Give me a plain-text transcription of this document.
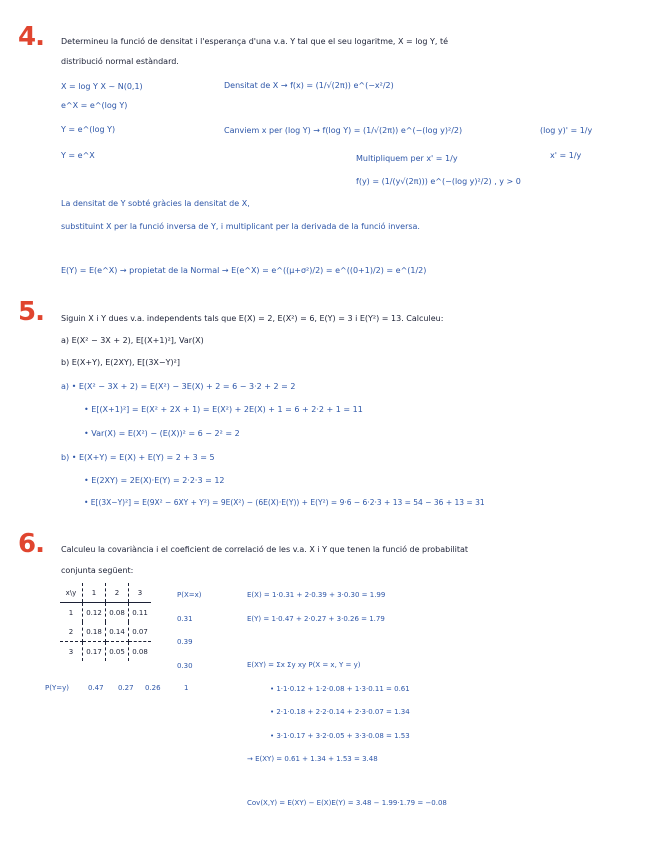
4. Determineu la funció de densitat i l'esperança d'una v.a. Y tal que el seu logaritme, X = log Y, té
distribució normal estàndard.
X = log Y X ~ N(0,1)
e^X = e^(log Y)
Y = e^(log Y)
Y = e^X
Densitat de X → f(x) = (1/√(2π)) e^(−x²/2)
Canviem x per (log Y) → f(log Y) = (1/√(2π)) e^(−(log y)²/2)	(log y)' = 1/y
Multipliquem per x' = 1/y	x' = 1/y
f(y) = (1/(y√(2π))) e^(−(log y)²/2) , y > 0
La densitat de Y sobté gràcies la densitat de X,
substituint X per la funció inversa de Y, i multiplicant per la derivada de la funció inversa.
E(Y) = E(e^X) → propietat de la Normal → E(e^X) = e^((μ+σ²)/2) = e^((0+1)/2) = e^(1/2)
5. Siguin X i Y dues v.a. independents tals que E(X) = 2, E(X²) = 6, E(Y) = 3 i E(Y²) = 13. Calculeu:
a) E(X² − 3X + 2), E[(X+1)²], Var(X)
b) E(X+Y), E(2XY), E[(3X−Y)²]
a) • E(X² − 3X + 2) = E(X²) − 3E(X) + 2 = 6 − 3·2 + 2 = 2
• E[(X+1)²] = E(X² + 2X + 1) = E(X²) + 2E(X) + 1 = 6 + 2·2 + 1 = 11
• Var(X) = E(X²) − (E(X))² = 6 − 2² = 2
b) • E(X+Y) = E(X) + E(Y) = 2 + 3 = 5
• E(2XY) = 2E(X)·E(Y) = 2·2·3 = 12
• E[(3X−Y)²] = E(9X² − 6XY + Y²) = 9E(X²) − (6E(X)·E(Y)) + E(Y²) = 9·6 − 6·2·3 + 13 = 54 − 36 + 13 = 31
6. Calculeu la covariància i el coeficient de correlació de les v.a. X i Y que tenen la funció de probabilitat
conjunta següent:
x\y	1	2	3
1	0.12	0.08	0.11
2	0.18	0.14	0.07
3	0.17	0.05	0.08
P(X=x)
0.31
0.39
0.30
P(Y=y)	0.47 0.27 0.26	1
E(X) = 1·0.31 + 2·0.39 + 3·0.30 = 1.99
E(Y) = 1·0.47 + 2·0.27 + 3·0.26 = 1.79
E(XY) = Σx Σy xy P(X = x, Y = y)
• 1·1·0.12 + 1·2·0.08 + 1·3·0.11 = 0.61
• 2·1·0.18 + 2·2·0.14 + 2·3·0.07 = 1.34
• 3·1·0.17 + 3·2·0.05 + 3·3·0.08 = 1.53
→ E(XY) = 0.61 + 1.34 + 1.53 = 3.48
Cov(X,Y) = E(XY) − E(X)E(Y) = 3.48 − 1.99·1.79 = −0.08
